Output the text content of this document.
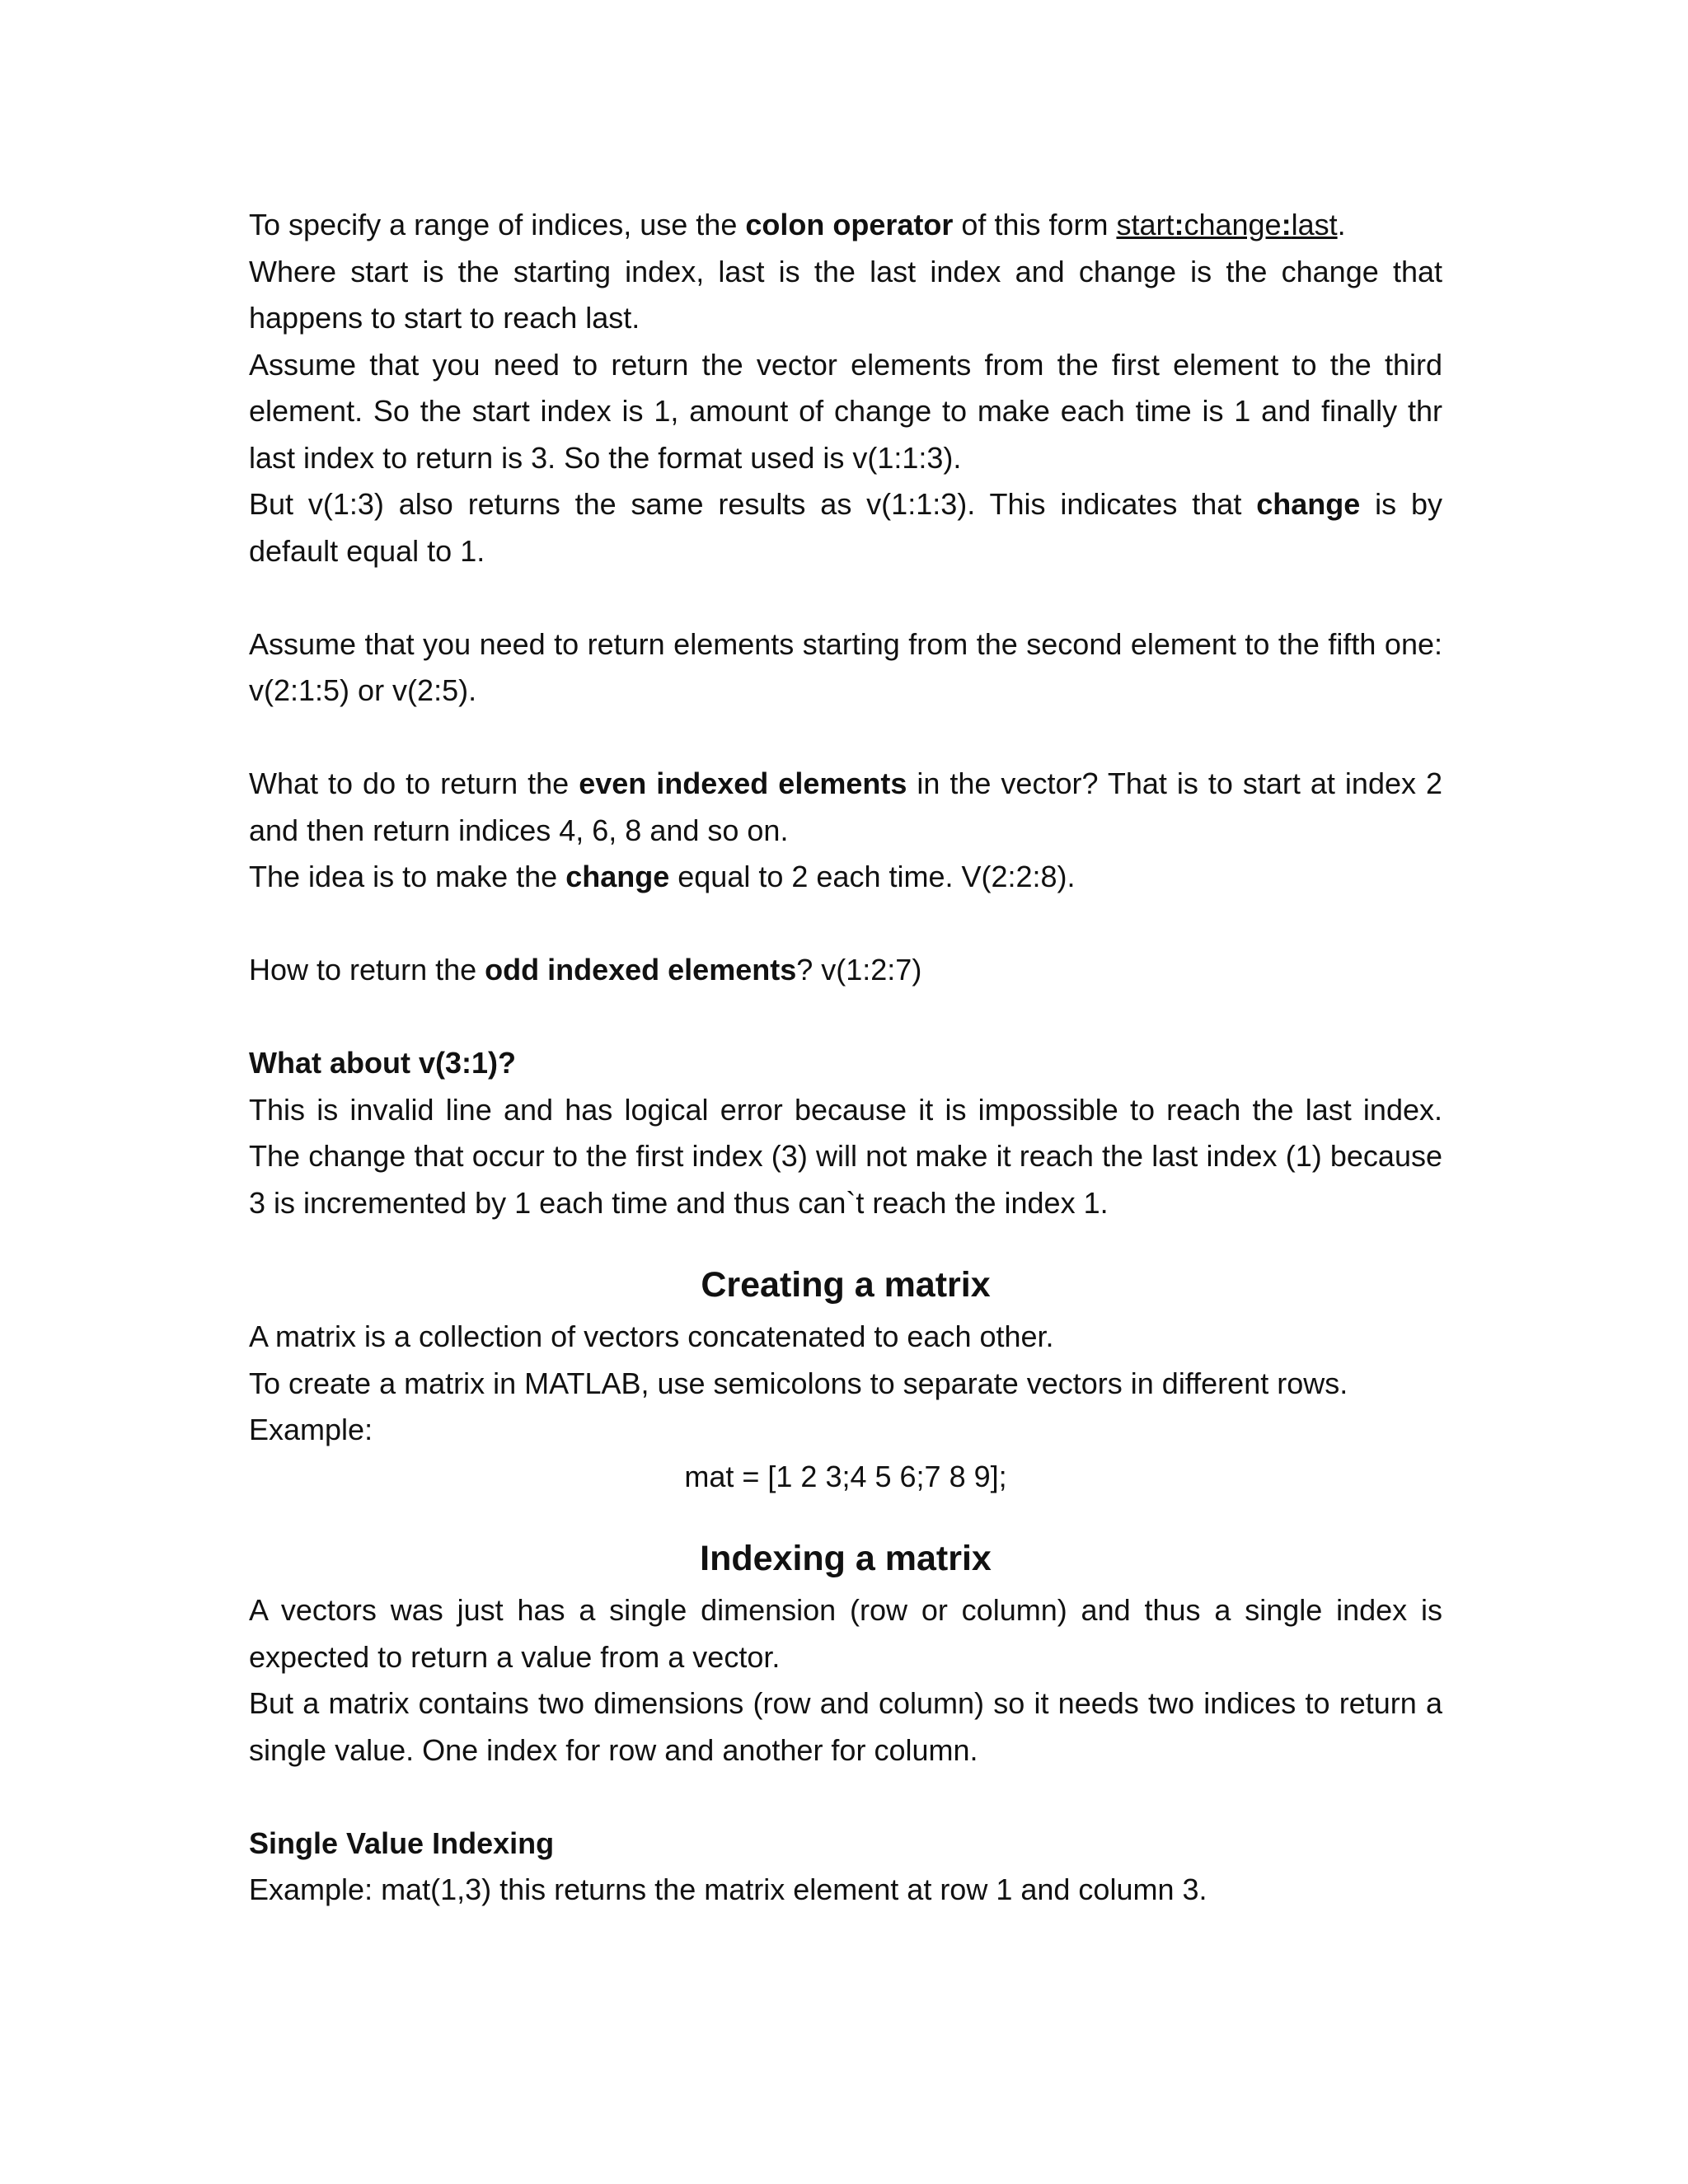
To specify a range of indices, use the colon operator of this form start:change:last.

Where start is the starting index, last is the last index and change is the change that happens to start to reach last.

Assume that you need to return the vector elements from the first element to the third element. So the start index is 1, amount of change to make each time is 1 and finally thr last index to return is 3. So the format used is v(1:1:3).

But v(1:3) also returns the same results as v(1:1:3). This indicates that change is by default equal to 1.

Assume that you need to return elements starting from the second element to the fifth one: v(2:1:5) or v(2:5).

What to do to return the even indexed elements in the vector? That is to start at index 2 and then return indices 4, 6, 8 and so on.

The idea is to make the change equal to 2 each time. V(2:2:8).

How to return the odd indexed elements? v(1:2:7)

What about v(3:1)?

This is invalid line and has logical error because it is impossible to reach the last index. The change that occur to the first index (3) will not make it reach the last index (1) because 3 is incremented by 1 each time and thus can`t reach the index 1.

Creating a matrix

A matrix is a collection of vectors concatenated to each other.

To create a matrix in MATLAB, use semicolons to separate vectors in different rows.

Example:

mat = [1 2 3;4 5 6;7 8 9];

Indexing a matrix

A vectors was just has a single dimension (row or column) and thus a single index is expected to return a value from a vector.

But a matrix contains two dimensions (row and column) so it needs two indices to return a single value. One index for row and another for column.

Single Value Indexing

Example: mat(1,3) this returns the matrix element at row 1 and column 3.
